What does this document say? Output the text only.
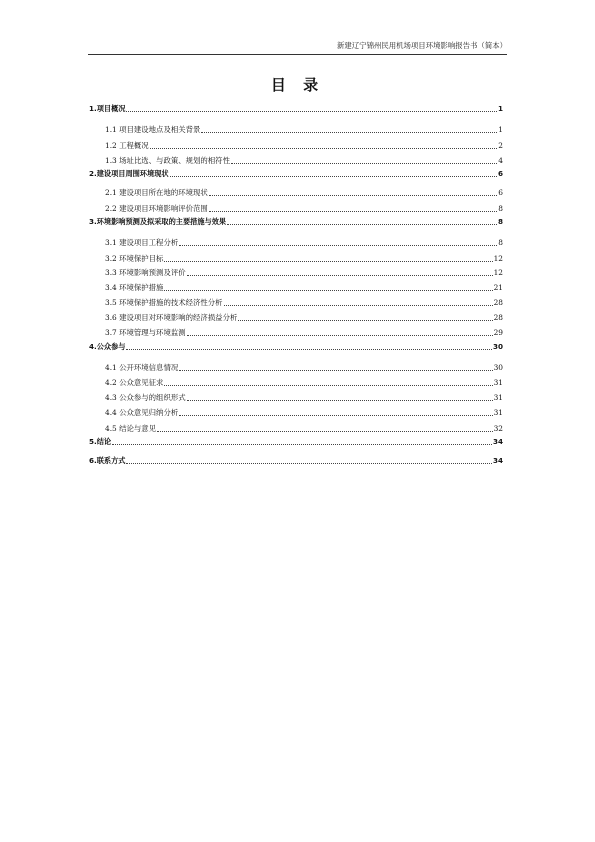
新建辽宁锦州民用机场项目环境影响报告书（简本）
目 录
1.项目概况	1
1.1 项目建设地点及相关背景	1
1.2 工程概况	2
1.3 场址比选、与政策、规划的相符性	4
2.建设项目周围环境现状	6
2.1 建设项目所在地的环境现状	6
2.2 建设项目环境影响评价范围	8
3.环境影响预测及拟采取的主要措施与效果	8
3.1 建设项目工程分析	8
3.2 环境保护目标	12
3.3 环境影响预测及评价	12
3.4 环境保护措施	21
3.5 环境保护措施的技术经济性分析	28
3.6 建设项目对环境影响的经济损益分析	28
3.7 环境管理与环境监测	29
4.公众参与	30
4.1 公开环境信息情况	30
4.2 公众意见征求	31
4.3 公众参与的组织形式	31
4.4 公众意见归纳分析	31
4.5 结论与意见	32
5.结论	34
6.联系方式	34
